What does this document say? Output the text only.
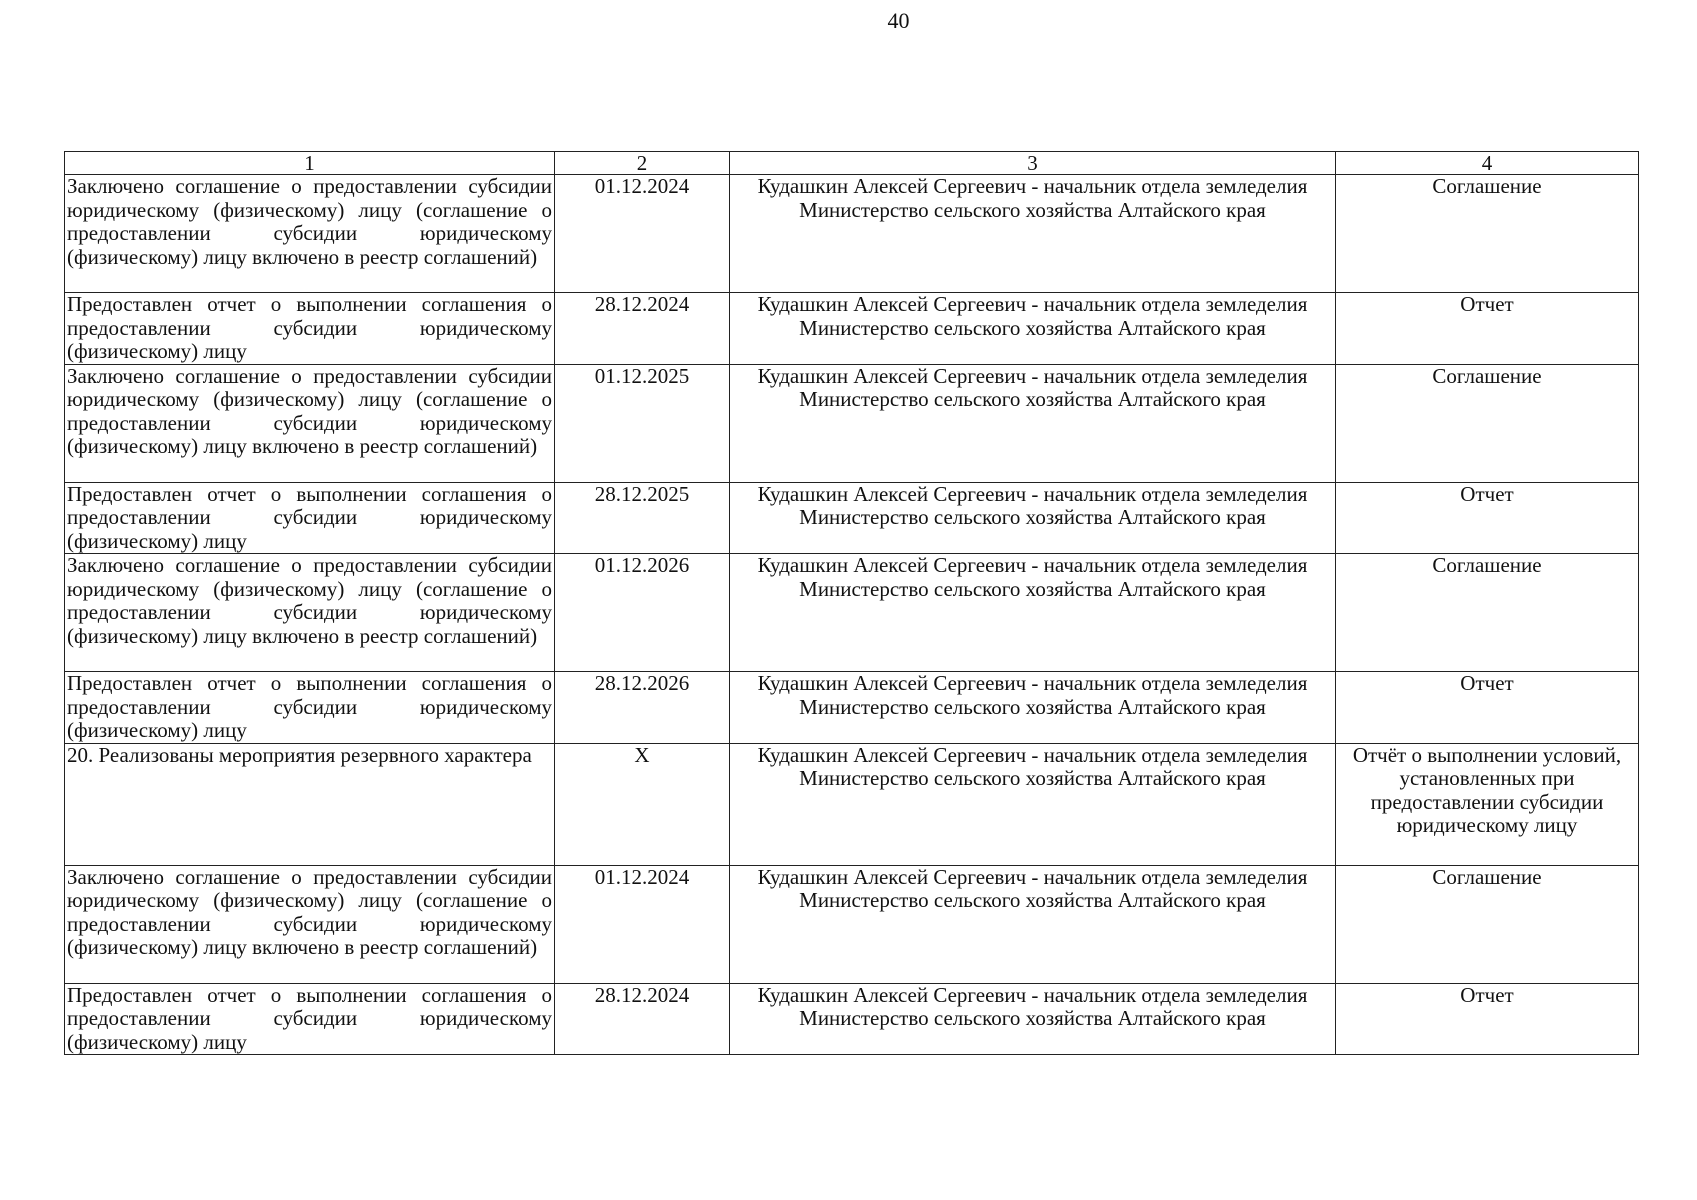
40
1	2	3	4
Заключено соглашение о предоставлении субсидии юридическому (физическому) лицу (соглашение о предоставлении субсидии юридическому (физическому) лицу включено в реестр соглашений)	01.12.2024	Кудашкин Алексей Сергеевич - начальник отдела земледелия Министерство сельского хозяйства Алтайского края	Соглашение
Предоставлен отчет о выполнении соглашения о предоставлении субсидии юридическому (физическому) лицу	28.12.2024	Кудашкин Алексей Сергеевич - начальник отдела земледелия Министерство сельского хозяйства Алтайского края	Отчет
Заключено соглашение о предоставлении субсидии юридическому (физическому) лицу (соглашение о предоставлении субсидии юридическому (физическому) лицу включено в реестр соглашений)	01.12.2025	Кудашкин Алексей Сергеевич - начальник отдела земледелия Министерство сельского хозяйства Алтайского края	Соглашение
Предоставлен отчет о выполнении соглашения о предоставлении субсидии юридическому (физическому) лицу	28.12.2025	Кудашкин Алексей Сергеевич - начальник отдела земледелия Министерство сельского хозяйства Алтайского края	Отчет
Заключено соглашение о предоставлении субсидии юридическому (физическому) лицу (соглашение о предоставлении субсидии юридическому (физическому) лицу включено в реестр соглашений)	01.12.2026	Кудашкин Алексей Сергеевич - начальник отдела земледелия Министерство сельского хозяйства Алтайского края	Соглашение
Предоставлен отчет о выполнении соглашения о предоставлении субсидии юридическому (физическому) лицу	28.12.2026	Кудашкин Алексей Сергеевич - начальник отдела земледелия Министерство сельского хозяйства Алтайского края	Отчет
20. Реализованы мероприятия резервного характера	X	Кудашкин Алексей Сергеевич - начальник отдела земледелия Министерство сельского хозяйства Алтайского края	Отчёт о выполнении условий, установленных при предоставлении субсидии юридическому лицу
Заключено соглашение о предоставлении субсидии юридическому (физическому) лицу (соглашение о предоставлении субсидии юридическому (физическому) лицу включено в реестр соглашений)	01.12.2024	Кудашкин Алексей Сергеевич - начальник отдела земледелия Министерство сельского хозяйства Алтайского края	Соглашение
Предоставлен отчет о выполнении соглашения о предоставлении субсидии юридическому (физическому) лицу	28.12.2024	Кудашкин Алексей Сергеевич - начальник отдела земледелия Министерство сельского хозяйства Алтайского края	Отчет
